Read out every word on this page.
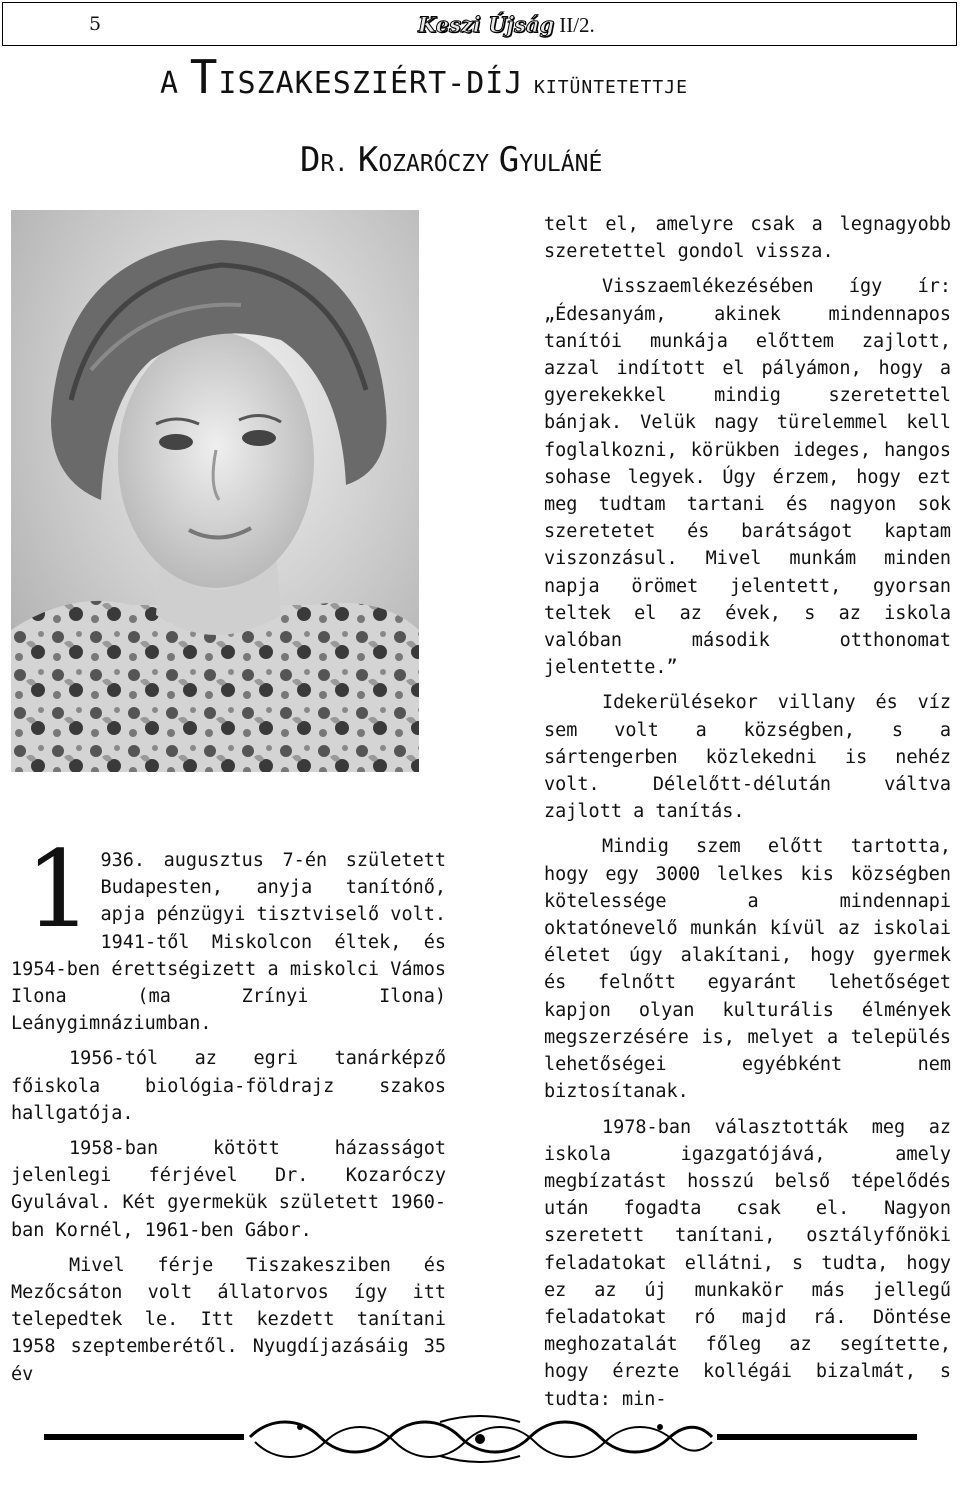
5	Keszi Újság II/2.
A TISZAKESZIÉRT-DÍJ KITÜNTETETTJE
DR. KOZARÓCZY GYULÁNÉ

1 936. augusztus 7-én született Budapesten, anyja tanítónő, apja pénzügyi tisztviselő volt. 1941-től Miskolcon éltek, és 1954-ben érettségizett a miskolci Vámos Ilona (ma Zrínyi Ilona) Leánygimnáziumban.

1956-tól az egri tanárképző főiskola biológia-földrajz szakos hallgatója.

1958-ban kötött házasságot jelenlegi férjével Dr. Kozaróczy Gyulával. Két gyermekük született 1960-ban Kornél, 1961-ben Gábor.

Mivel férje Tiszakesziben és Mezőcsáton volt állatorvos így itt telepedtek le. Itt kezdett tanítani 1958 szeptemberétől. Nyugdíjazásáig 35 év

telt el, amelyre csak a legnagyobb szeretettel gondol vissza.

Visszaemlékezésében így ír: „Édesanyám, akinek mindennapos tanítói munkája előttem zajlott, azzal indított el pályámon, hogy a gyerekekkel mindig szeretettel bánjak. Velük nagy türelemmel kell foglalkozni, körükben ideges, hangos sohase legyek. Úgy érzem, hogy ezt meg tudtam tartani és nagyon sok szeretetet és barátságot kaptam viszonzásul. Mivel munkám minden napja örömet jelentett, gyorsan teltek el az évek, s az iskola valóban második otthonomat jelentette.”

Idekerülésekor villany és víz sem volt a községben, s a sártengerben közlekedni is nehéz volt. Délelőtt-délután váltva zajlott a tanítás.

Mindig szem előtt tartotta, hogy egy 3000 lelkes kis községben kötelessége a mindennapi oktatónevelő munkán kívül az iskolai életet úgy alakítani, hogy gyermek és felnőtt egyaránt lehetőséget kapjon olyan kulturális élmények megszerzésére is, melyet a település lehetőségei egyébként nem biztosítanak.

1978-ban választották meg az iskola igazgatójává, amely megbízatást hosszú belső tépelődés után fogadta csak el. Nagyon szeretett tanítani, osztályfőnöki feladatokat ellátni, s tudta, hogy ez az új munkakör más jellegű feladatokat ró majd rá. Döntése meghozatalát főleg az segítette, hogy érezte kollégái bizalmát, s tudta: min-
